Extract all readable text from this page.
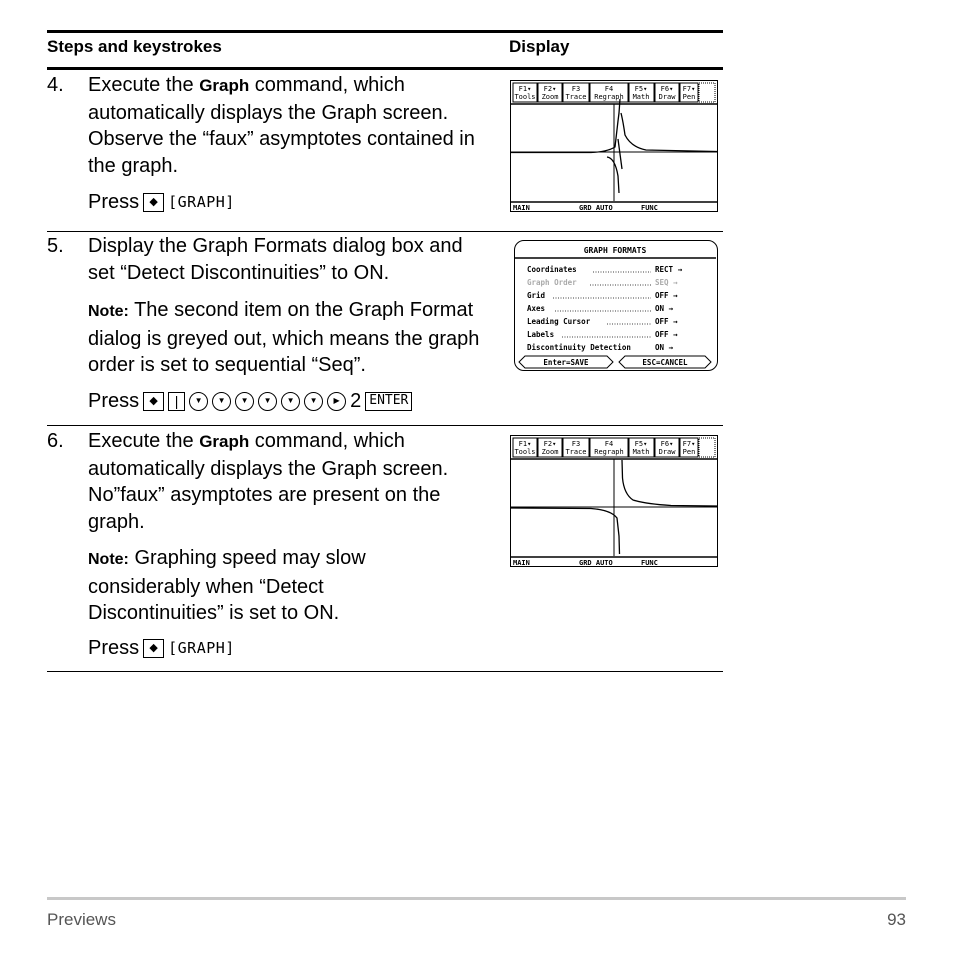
Steps and keystrokes	Display
4. Execute the Graph command, which automatically displays the Graph screen. Observe the “faux” asymptotes contained in the graph.
Press ◆ [GRAPH]
F1▾
Tools
F2▾
Zoom
F3
Trace
F4
Regraph
F5▾
Math
F6▾
Draw
F7▾
Pen
MAIN	GRD AUTO	FUNC
5. Display the Graph Formats dialog box and set “Detect Discontinuities” to ON.
Note: The second item on the Graph Format dialog is greyed out, which means the graph order is set to sequential “Seq”.
Press ◆	|	▼	▼	▼	▼	▼	▼	▶ 2 ENTER
GRAPH FORMATS
Coordinates	RECT →
Graph Order	SEQ →
Grid	OFF →
Axes	ON →
Leading Cursor	OFF →
Labels	OFF →
Discontinuity Detection	ON →
Enter=SAVE	ESC=CANCEL
6. Execute the Graph command, which automatically displays the Graph screen. No”faux” asymptotes are present on the graph.
Note: Graphing speed may slow considerably when “Detect Discontinuities” is set to ON.
Press ◆ [GRAPH]
F1▾
Tools
F2▾
Zoom
F3
Trace
F4
Regraph
F5▾
Math
F6▾
Draw
F7▾
Pen
MAIN	GRD AUTO	FUNC
Previews	93
